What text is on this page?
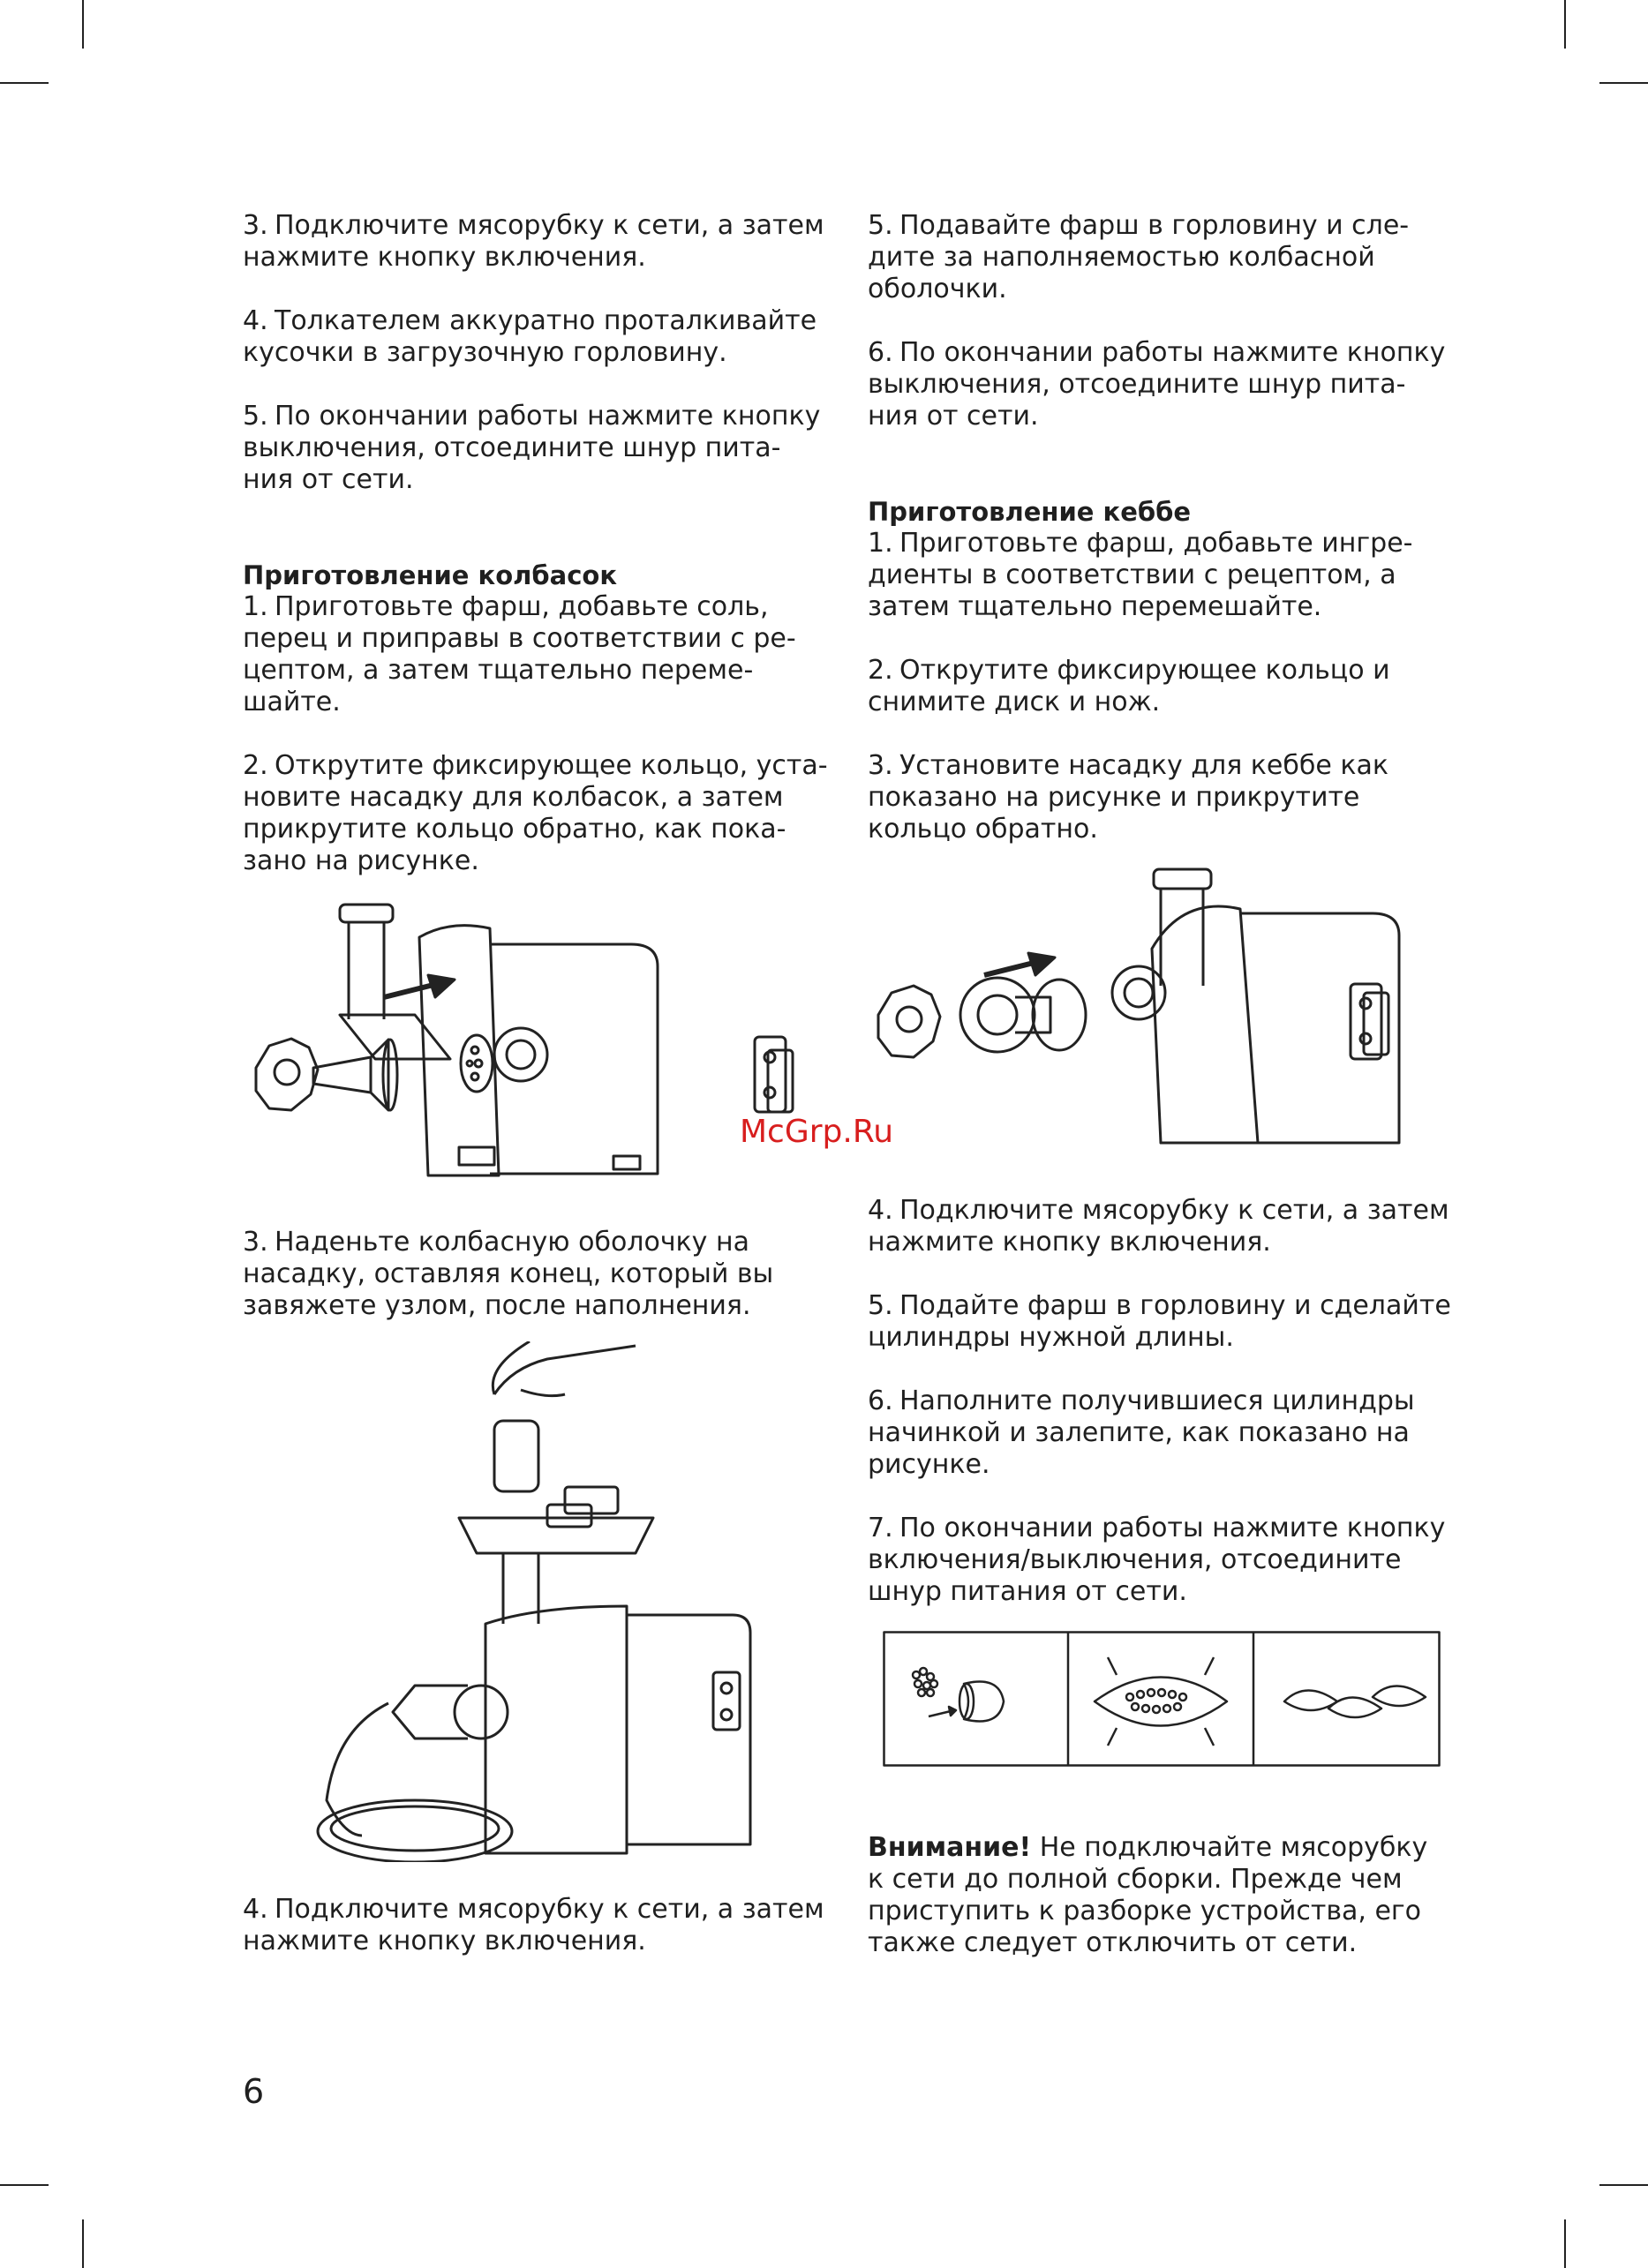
3. Подключите мясорубку к сети, а затем
нажмите кнопку включения.
4. Толкателем аккуратно проталкивайте
кусочки в загрузочную горловину.
5. По окончании работы нажмите кнопку
выключения, отсоедините шнур пита-
ния от сети.
Приготовление колбасок
1. Приготовьте фарш, добавьте соль,
перец и приправы в соответствии с ре-
цептом, а затем тщательно переме-
шайте.
2. Открутите фиксирующее кольцо, уста-
новите насадку для колбасок, а затем
прикрутите кольцо обратно, как пока-
зано на рисунке.
3. Наденьте колбасную оболочку на
насадку, оставляя конец, который вы
завяжете узлом, после наполнения.
4. Подключите мясорубку к сети, а затем
нажмите кнопку включения.
5. Подавайте фарш в горловину и сле-
дите за наполняемостью колбасной
оболочки.
6. По окончании работы нажмите кнопку
выключения, отсоедините шнур пита-
ния от сети.
Приготовление кеббе
1. Приготовьте фарш, добавьте ингре-
диенты в соответствии с рецептом, а
затем тщательно перемешайте.
2. Открутите фиксирующее кольцо и
снимите диск и нож.
3. Установите насадку для кеббе как
показано на рисунке и прикрутите
кольцо обратно.
McGrp.Ru
4. Подключите мясорубку к сети, а затем
нажмите кнопку включения.
5. Подайте фарш в горловину и сделайте
цилиндры нужной длины.
6. Наполните получившиеся цилиндры
начинкой и залепите, как показано на
рисунке.
7. По окончании работы нажмите кнопку
включения/выключения, отсоедините
шнур питания от сети.
Внимание! Не подключайте мясорубку
к сети до полной сборки. Прежде чем
приступить к разборке устройства, его
также следует отключить от сети.
6
